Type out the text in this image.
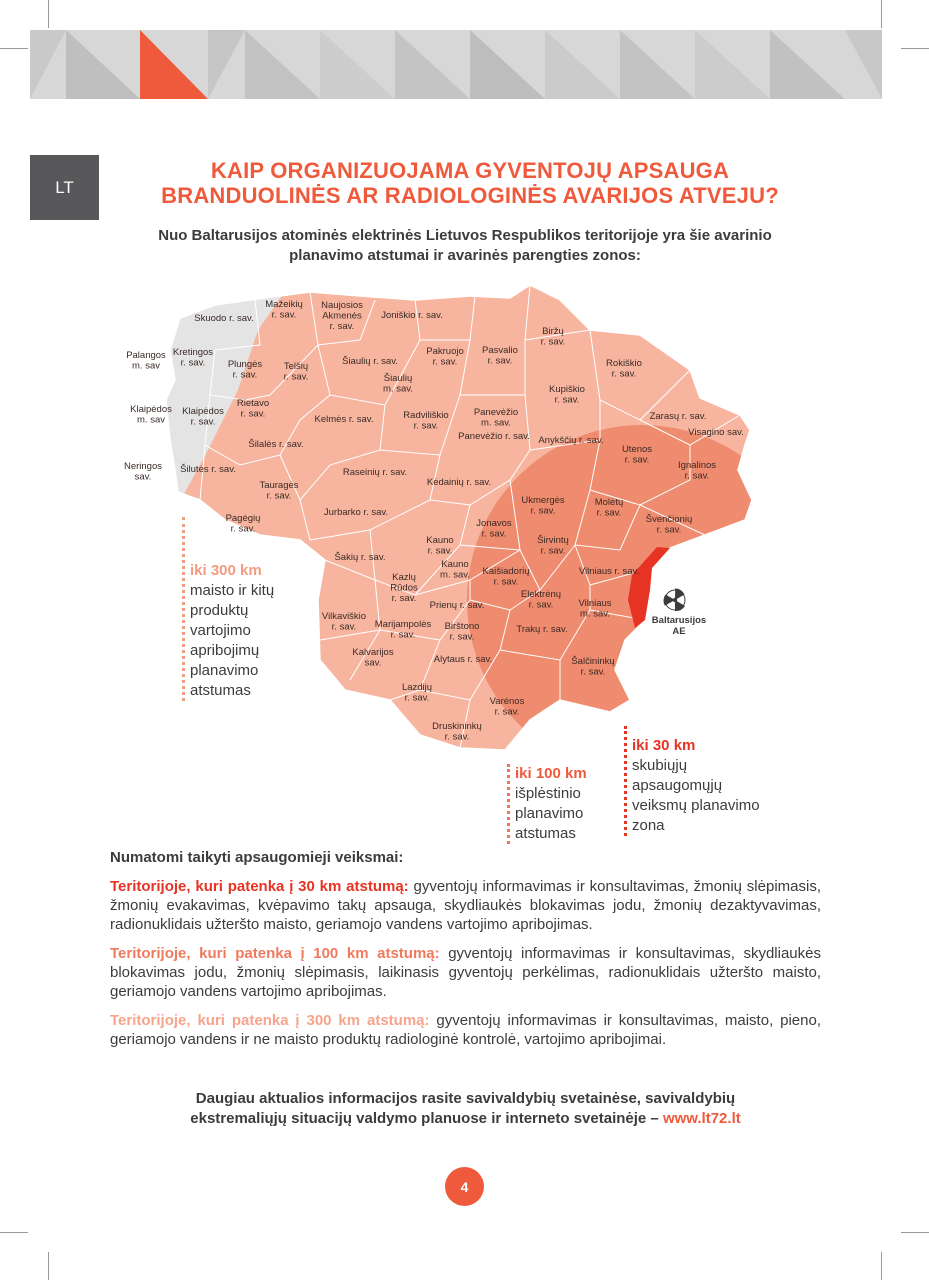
LT
KAIP ORGANIZUOJAMA GYVENTOJŲ APSAUGA
BRANDUOLINĖS AR RADIOLOGINĖS AVARIJOS ATVEJU?
Nuo Baltarusijos atominės elektrinės Lietuvos Respublikos teritorijoje yra šie avarinio
planavimo atstumai ir avarinės parengties zonos:
Baltarusijos
AE
Mažeikių r. sav.
Naujosios Akmenės r. sav.
Skuodo r. sav.	Joniškio r. sav.
Biržų r. sav.
Palangos m. sav
Kretingos r. sav.	Plungės r. sav.
Telšių r. sav.
Šiaulių r. sav.
Pakruojo r. sav.
Pasvalio r. sav.
Šiaulių m. sav.
Rokiškio r. sav.
Kupiškio r. sav.
Klaipėdos m. sav
Klaipėdos r. sav.
Rietavo r. sav.	Kelmės r. sav.	Radviliškio r. sav.
Panevėžio m. sav.
Zarasų r. sav.
Visagino sav.
Šilalės r. sav.
Panevėžio r. sav. Anykščių r. sav.
Utenos r. sav.
Neringos sav.
Šilutės r. sav.	Raseinių r. sav.
Ignalinos r. sav.
Tauragės r. sav.
Kėdainių r. sav.
Ukmergės r. sav.
Molėtų r. sav.
Jurbarko r. sav.
Pagėgių r. sav.	Jonavos r. sav.
Švenčionių r. sav.
Kauno r. sav.
Širvintų r. sav.
Šakių r. sav.
Kauno m. sav. Kaišiadorių r. sav.
Vilniaus r. sav.
Kazlų Rūdos r. sav.	Elektrėnų r. sav.
Prienų r. sav.	Vilniaus m. sav.
Vilkaviškio r. sav.	Marijampolės r. sav.
Birštono r. sav.
Trakų r. sav.
Kalvarijos sav.	Alytaus r. sav.	Šalčininkų r. sav.
Lazdijų r. sav.	Varėnos r. sav.
Druskininkų r. sav.
iki 300 km
maisto ir kitų
produktų
vartojimo
apribojimų
planavimo
atstumas
iki 100 km
išplėstinio
planavimo
atstumas
iki 30 km
skubiųjų
apsaugomųjų
veiksmų planavimo
zona
Numatomi taikyti apsaugomieji veiksmai:

Teritorijoje, kuri patenka į 30 km atstumą: gyventojų informavimas ir konsultavimas, žmonių slėpimasis, žmonių evakavimas, kvėpavimo takų apsauga, skydliaukės blokavimas jodu, žmonių dezaktyvavimas, radionuklidais užteršto maisto, geriamojo vandens vartojimo apribojimas.

Teritorijoje, kuri patenka į 100 km atstumą: gyventojų informavimas ir konsultavimas, skydliaukės blokavimas jodu, žmonių slėpimasis, laikinasis gyventojų perkėlimas, radionuklidais užteršto maisto, geriamojo vandens vartojimo apribojimas.

Teritorijoje, kuri patenka į 300 km atstumą: gyventojų informavimas ir konsultavimas, maisto, pieno, geriamojo vandens ir ne maisto produktų radiologinė kontrolė, vartojimo apribojimai.

Daugiau aktualios informacijos rasite savivaldybių svetainėse, savivaldybių
ekstremaliųjų situacijų valdymo planuose ir interneto svetainėje – www.lt72.lt
4
